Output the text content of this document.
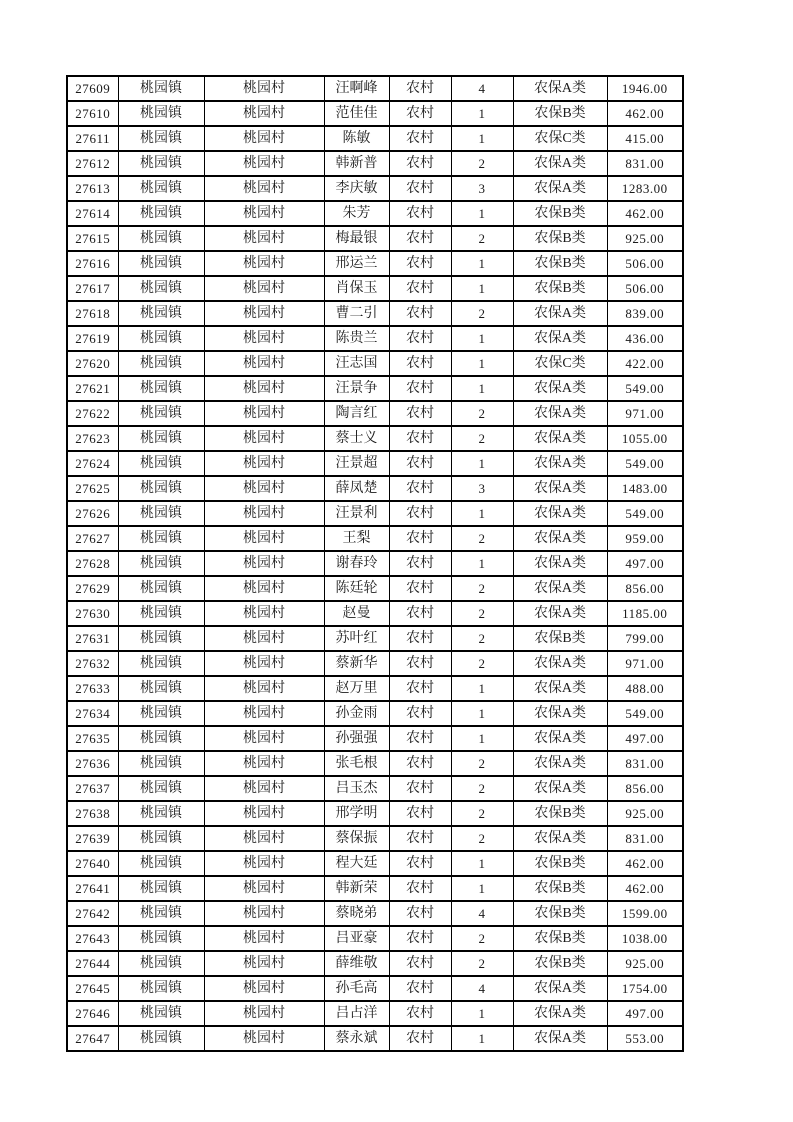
27609	桃园镇	桃园村	汪啊峰	农村	4	农保A类	1946.00
27610	桃园镇	桃园村	范佳佳	农村	1	农保B类	462.00
27611	桃园镇	桃园村	陈敏	农村	1	农保C类	415.00
27612	桃园镇	桃园村	韩新普	农村	2	农保A类	831.00
27613	桃园镇	桃园村	李庆敏	农村	3	农保A类	1283.00
27614	桃园镇	桃园村	朱芳	农村	1	农保B类	462.00
27615	桃园镇	桃园村	梅最银	农村	2	农保B类	925.00
27616	桃园镇	桃园村	邢运兰	农村	1	农保B类	506.00
27617	桃园镇	桃园村	肖保玉	农村	1	农保B类	506.00
27618	桃园镇	桃园村	曹二引	农村	2	农保A类	839.00
27619	桃园镇	桃园村	陈贵兰	农村	1	农保A类	436.00
27620	桃园镇	桃园村	汪志国	农村	1	农保C类	422.00
27621	桃园镇	桃园村	汪景争	农村	1	农保A类	549.00
27622	桃园镇	桃园村	陶言红	农村	2	农保A类	971.00
27623	桃园镇	桃园村	蔡士义	农村	2	农保A类	1055.00
27624	桃园镇	桃园村	汪景超	农村	1	农保A类	549.00
27625	桃园镇	桃园村	薛凤楚	农村	3	农保A类	1483.00
27626	桃园镇	桃园村	汪景利	农村	1	农保A类	549.00
27627	桃园镇	桃园村	王梨	农村	2	农保A类	959.00
27628	桃园镇	桃园村	谢春玲	农村	1	农保A类	497.00
27629	桃园镇	桃园村	陈廷轮	农村	2	农保A类	856.00
27630	桃园镇	桃园村	赵曼	农村	2	农保A类	1185.00
27631	桃园镇	桃园村	苏叶红	农村	2	农保B类	799.00
27632	桃园镇	桃园村	蔡新华	农村	2	农保A类	971.00
27633	桃园镇	桃园村	赵万里	农村	1	农保A类	488.00
27634	桃园镇	桃园村	孙金雨	农村	1	农保A类	549.00
27635	桃园镇	桃园村	孙强强	农村	1	农保A类	497.00
27636	桃园镇	桃园村	张毛根	农村	2	农保A类	831.00
27637	桃园镇	桃园村	吕玉杰	农村	2	农保A类	856.00
27638	桃园镇	桃园村	邢学明	农村	2	农保B类	925.00
27639	桃园镇	桃园村	蔡保振	农村	2	农保A类	831.00
27640	桃园镇	桃园村	程大廷	农村	1	农保B类	462.00
27641	桃园镇	桃园村	韩新荣	农村	1	农保B类	462.00
27642	桃园镇	桃园村	蔡晓弟	农村	4	农保B类	1599.00
27643	桃园镇	桃园村	吕亚豪	农村	2	农保B类	1038.00
27644	桃园镇	桃园村	薛维敬	农村	2	农保B类	925.00
27645	桃园镇	桃园村	孙毛高	农村	4	农保A类	1754.00
27646	桃园镇	桃园村	吕占洋	农村	1	农保A类	497.00
27647	桃园镇	桃园村	蔡永斌	农村	1	农保A类	553.00
